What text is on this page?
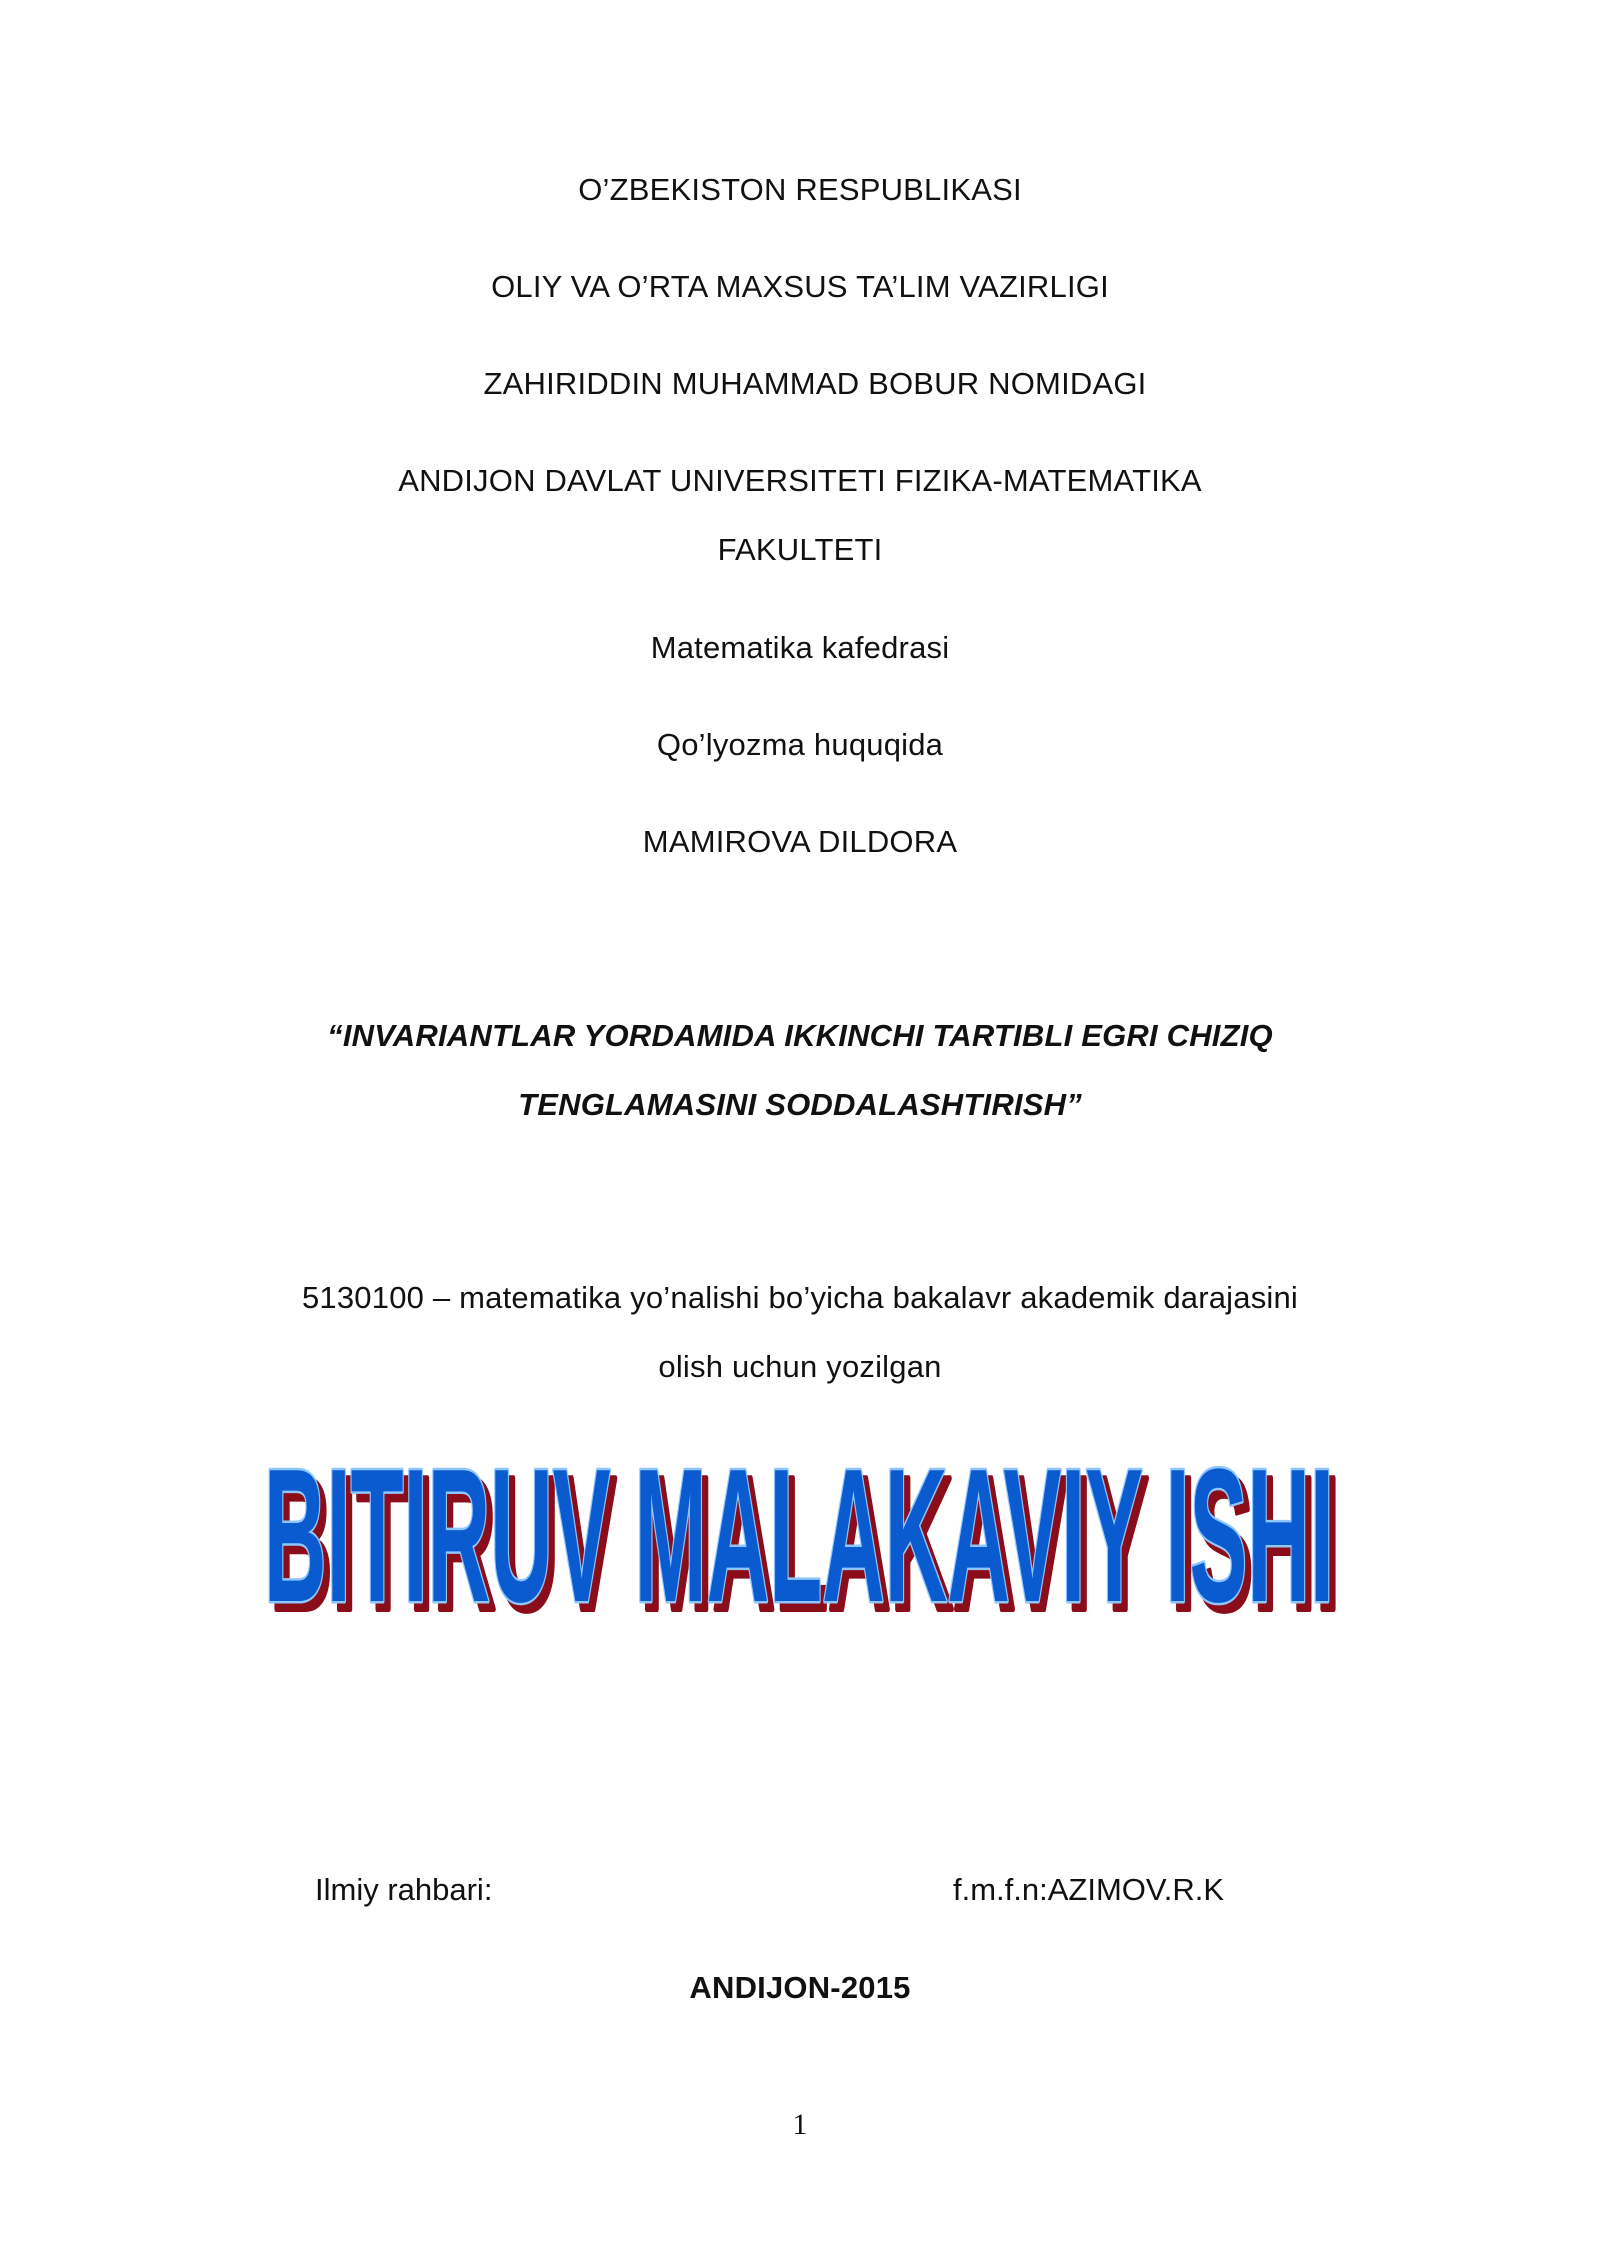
O’ZBEKISTON RESPUBLIKASI
OLIY VA O’RTA MAXSUS TA’LIM VAZIRLIGI
ZAHIRIDDIN MUHAMMAD BOBUR NOMIDAGI
ANDIJON DAVLAT UNIVERSITETI FIZIKA-MATEMATIKA
FAKULTETI
Matematika kafedrasi
Qo’lyozma huquqida
MAMIROVA DILDORA
“INVARIANTLAR YORDAMIDA IKKINCHI TARTIBLI EGRI CHIZIQ
TENGLAMASINI SODDALASHTIRISH”
5130100 – matematika yo’nalishi bo’yicha bakalavr akademik darajasini
olish uchun yozilgan
BITIRUV MALAKAVIY ISHI
BITIRUV MALAKAVIY ISHI
Ilmiy rahbari:	f.m.f.n:AZIMOV.R.K
ANDIJON-2015
1
